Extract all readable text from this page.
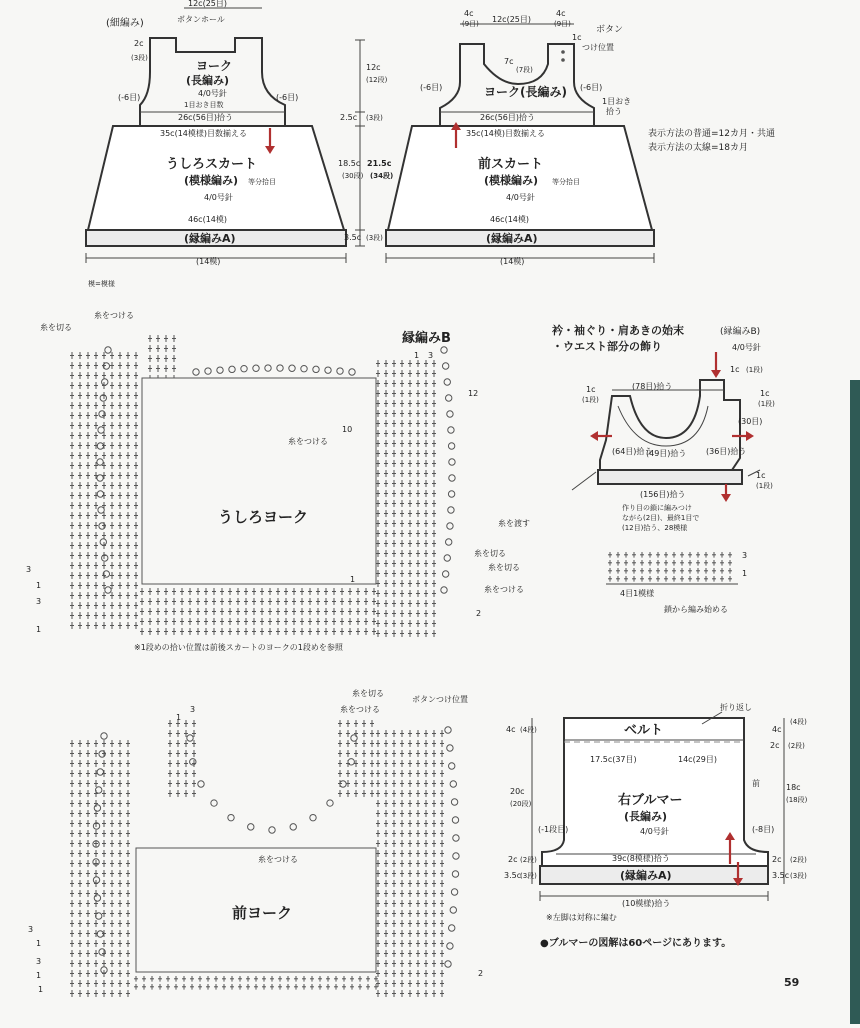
(細編み)	ボタンホール
12c(25目)
2c
(3段)
ヨーク
(長編み)
4/0号針
(-6目)	(-6目)
1目おき目数
26c(56目)拾う
35c(14模様)目数揃える
うしろスカート
(模様編み) 等分拾目
4/0号針
46c(14模)
(縁編みA)
(14模)
12c
(12段)
2.5c (3段)
18.5c
(30段)
21.5c
(34段)
3.5c (3段)
模=模様
4c
(9目) 12c(25目)
4c
(9目)
ボタン
つけ位置
7c
(7段)
1c
ヨーク(長編み)
(-6目)	(-6目)
1目おき
拾う
26c(56目)拾う
35c(14模)目数揃える
前スカート
(模様編み) 等分拾目
4/0号針
46c(14模)
(縁編みA)
(14模)
表示方法の普通=12カ月・共通
表示方法の太線=18カ月
うしろヨーク
縁編みB
糸を切る
糸をつける
糸をつける
糸を渡す
糸を切る
糸を切る
糸をつける
12
10
3
1
3
1
3
1
1
2
※1段めの拾い位置は前後スカートのヨークの1段めを参照
衿・袖ぐり・肩あきの始末	(縁編みB)
4/0号針
・ウエスト部分の飾り
(78目)拾う
1c
(1段)
1c (1段)
1c
(1段)
1c
(1段)
(64目)拾う
(49目)拾う (36目)拾う
(30目)
(156目)拾う
作り目の鎖に編みつけ
ながら(2目)、最終1目で
(12目)拾う、28模様
3
1
4目1模様
鎖から編み始める
前ヨーク
糸を切る
糸をつける
ボタンつけ位置
糸をつける
3
1
3
1
3
1	2
1
折り返し
ベルト
4c (4段)	4c
(4段)
17.5c(37目)	14c(29目)
20c
(20段)
2c (2段)
18c
(18段)
前
右ブルマー
(長編み)
4/0号針
(-1段目)	(-8目)
39c(8模様)拾う
2c (2段)
3.5c
(3段)
2c (2段)
3.5c (3段)
(縁編みA)
(10模様)拾う
※左脚は対称に編む
●ブルマーの図解は60ページにあります。
59
